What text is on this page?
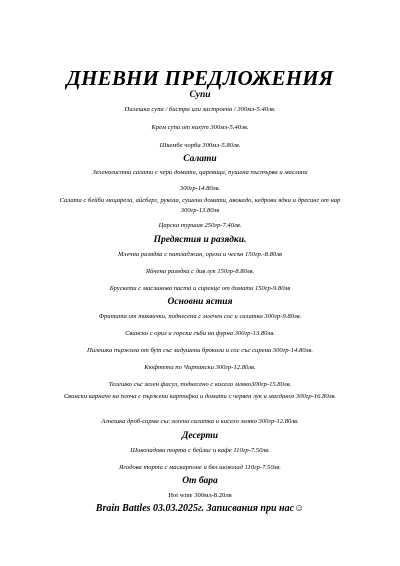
ДНЕВНИ ПРЕДЛОЖЕНИЯ
Супи
Пилешка супа / бистра или застроена / 300мл-5.40лв.
Крем супа от нахут 300мл-5.40лв.
Шкембе чорба 300мл-5.80лв.
Салати
Зеленолистни салати с чери домати, царевица, пушена пъстърва и маслини
300гр-14.80лв.
Салата с бейби моцарела, айсберг, рукола, сушени домати, авокадо, кедрови ядки и дресинг от нар 300гр-13.80лв
Царска туршия 250гр-7.40лв.
Предястия и разядки.
Млечна разядка с патладжан, орехи и чесън 150гр.-8.80лв
Яйчена разядка с див лук 150гр-8.80лв.
Брускети с маслинова паста и сиренце от домати 150гр-9.80лв
Основни ястия
Фритата от тиквички, поднесена с млечен сос и салатка 300гр-9.80лв.
Свинско с ориз и горски гъби на фурна 300гр-13.80лв.
Пилешка пържола от бут със задушени броколи и сос със сирена 300гр-14.80лв.
Кюфтета по Чирпански 300гр-12.80лв.
Телешко със зелен фасул, поднесено с кисело мляко300гр-15.80лв.
Свински карначе на плоча с пържени картофки и домати с червен лук и магданоз 300гр-16.80лв.
Агнешка дроб-сарма със зелена салатка и кисело мляко 300гр-12.80лв.
Десерти
Шоколадова торта с бейлис и кафе 110гр-7.50лв.
Ягодова торта с маскарпоне и бял шоколад 110гр-7.50лв.
От бара
Hot wine 300мл-8.20лв
Brain Battles 03.03.2025г. Записвания при нас☺
